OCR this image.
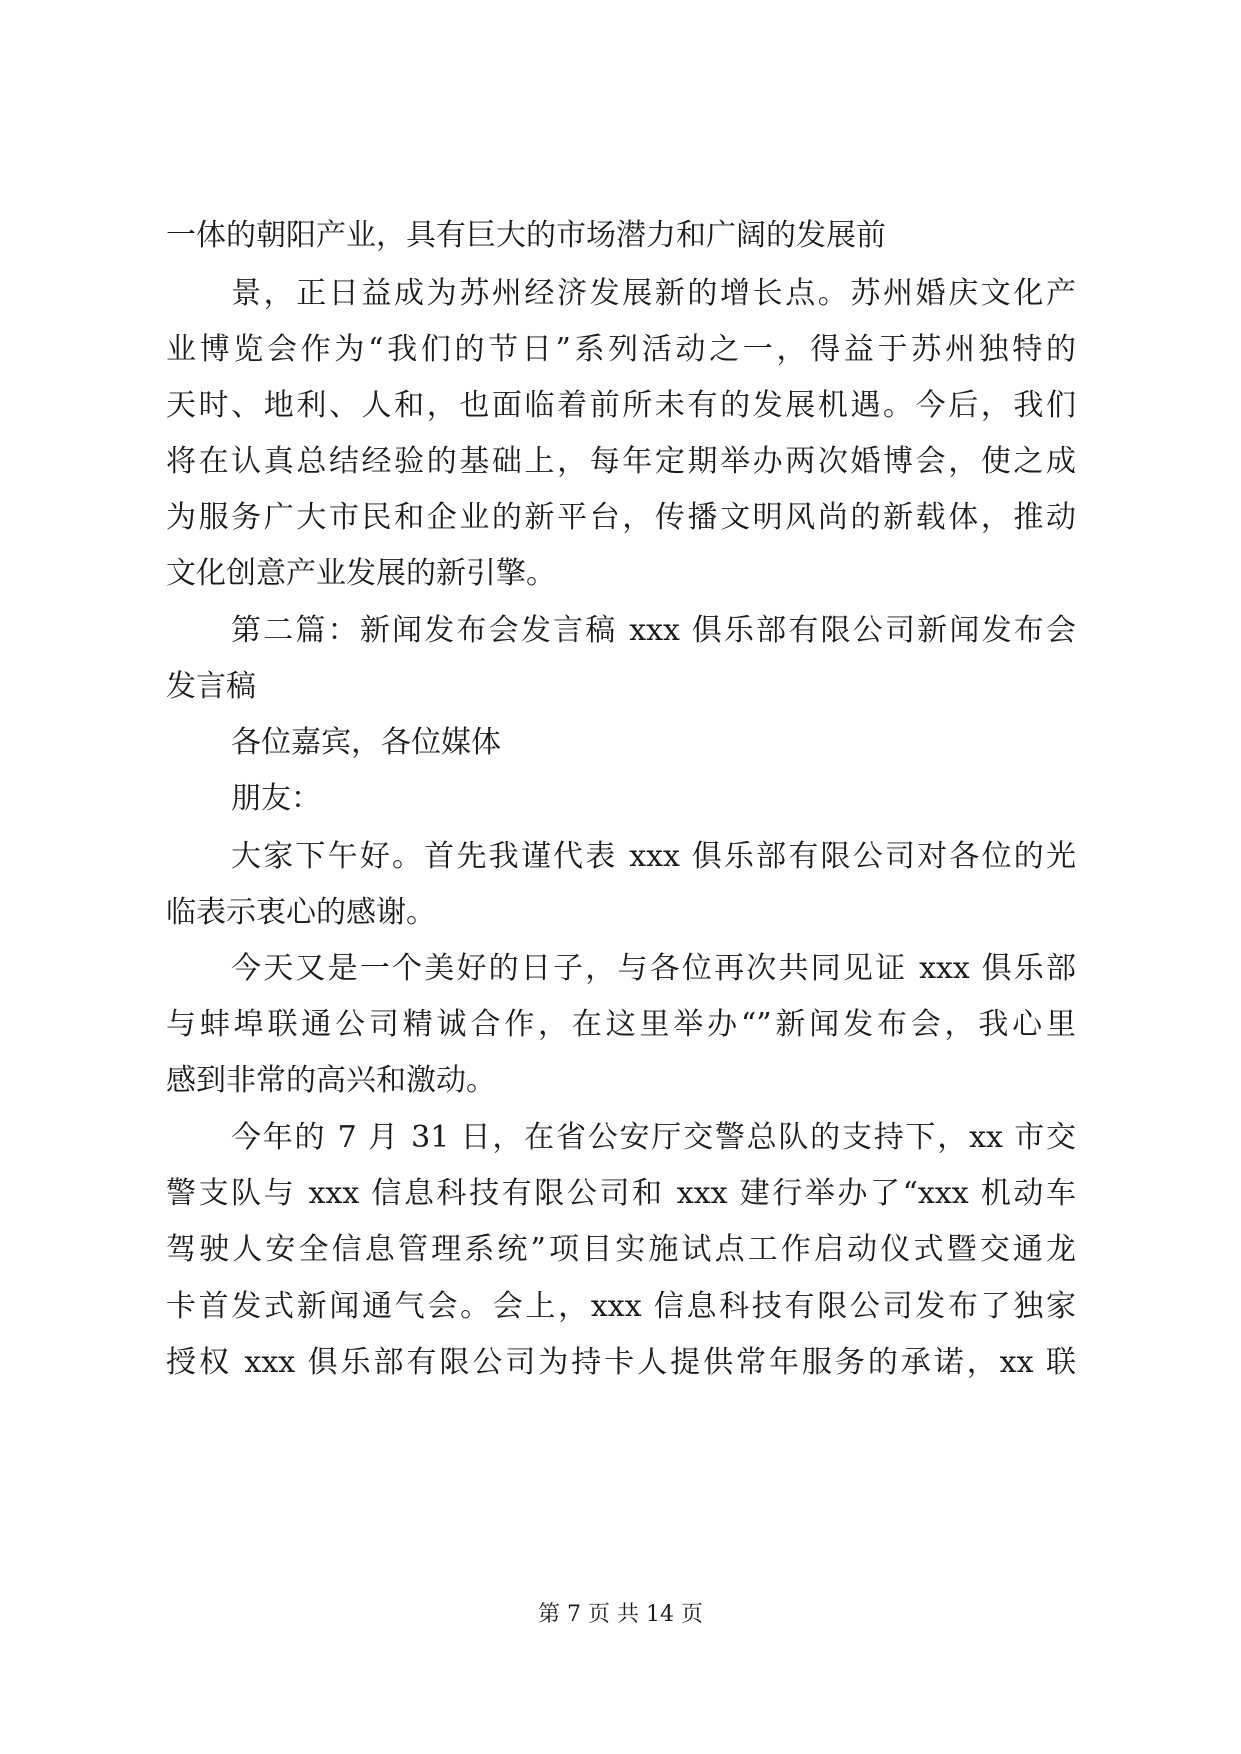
一体的朝阳产业，具有巨大的市场潜力和广阔的发展前
景，正日益成为苏州经济发展新的增长点。苏州婚庆文化产
业博览会作为“我们的节日”系列活动之一，得益于苏州独特的
天时、地利、人和，也面临着前所未有的发展机遇。今后，我们
将在认真总结经验的基础上，每年定期举办两次婚博会，使之成
为服务广大市民和企业的新平台，传播文明风尚的新载体，推动
文化创意产业发展的新引擎。
第二篇：新闻发布会发言稿 xxx 俱乐部有限公司新闻发布会
发言稿
各位嘉宾，各位媒体
朋友：
大家下午好。首先我谨代表 xxx 俱乐部有限公司对各位的光
临表示衷心的感谢。
今天又是一个美好的日子，与各位再次共同见证 xxx 俱乐部
与蚌埠联通公司精诚合作，在这里举办“”新闻发布会，我心里
感到非常的高兴和激动。
今年的 7 月 31 日，在省公安厅交警总队的支持下，xx 市交
警支队与 xxx 信息科技有限公司和 xxx 建行举办了“xxx 机动车
驾驶人安全信息管理系统”项目实施试点工作启动仪式暨交通龙
卡首发式新闻通气会。会上，xxx 信息科技有限公司发布了独家
授权 xxx 俱乐部有限公司为持卡人提供常年服务的承诺，xx 联
第 7 页 共 14 页
